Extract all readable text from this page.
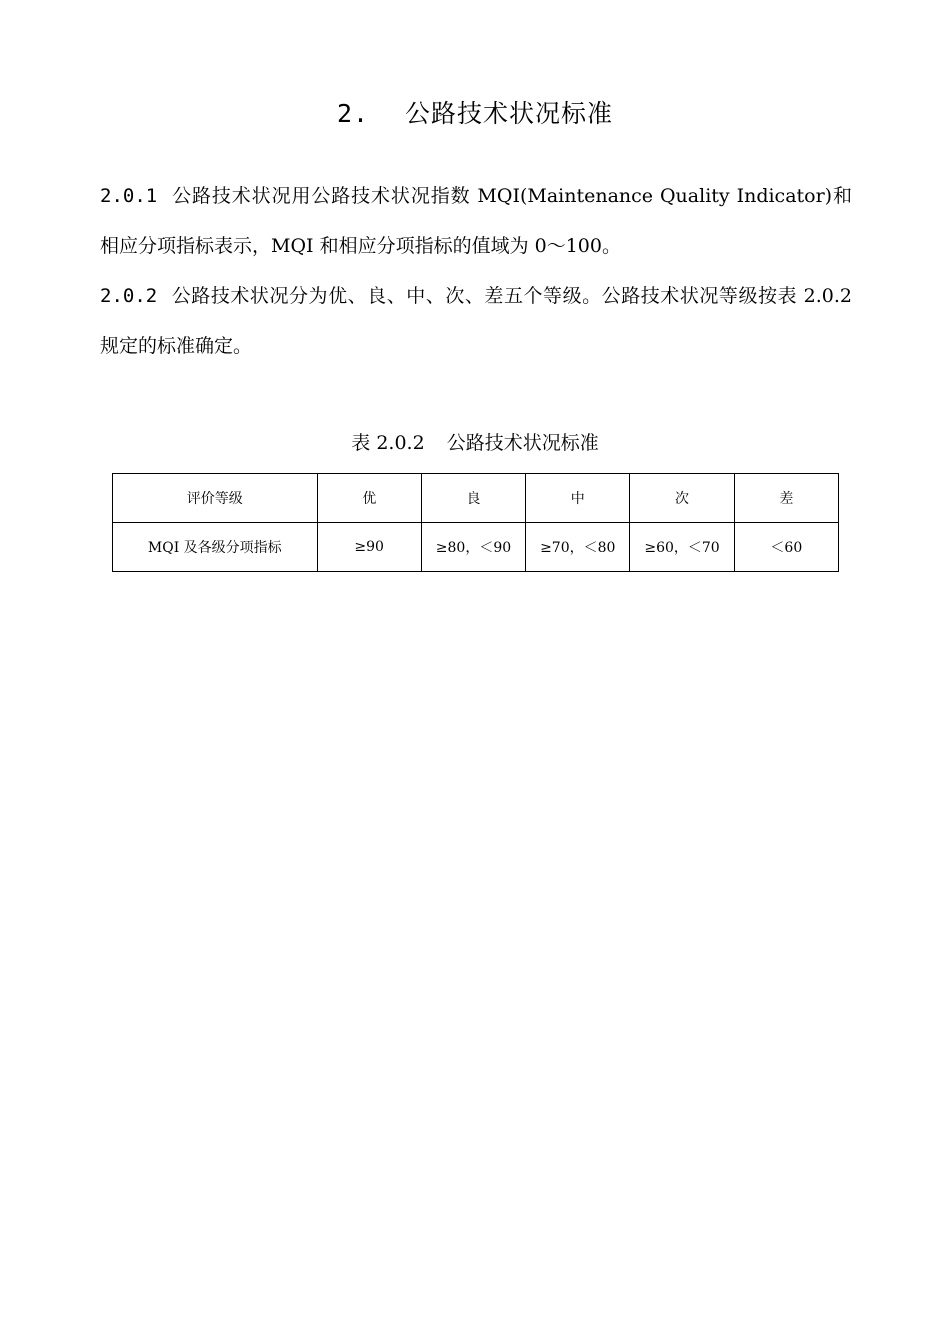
2. 公路技术状况标准

2.0.1 公路技术状况用公路技术状况指数 MQI(Maintenance Quality Indicator)和相应分项指标表示，MQI 和相应分项指标的值域为 0～100。

2.0.2 公路技术状况分为优、良、中、次、差五个等级。公路技术状况等级按表 2.0.2 规定的标准确定。

表 2.0.2 公路技术状况标准
评价等级	优	良	中	次	差
MQI 及各级分项指标	≥90	≥80，＜90	≥70，＜80	≥60，＜70	＜60
